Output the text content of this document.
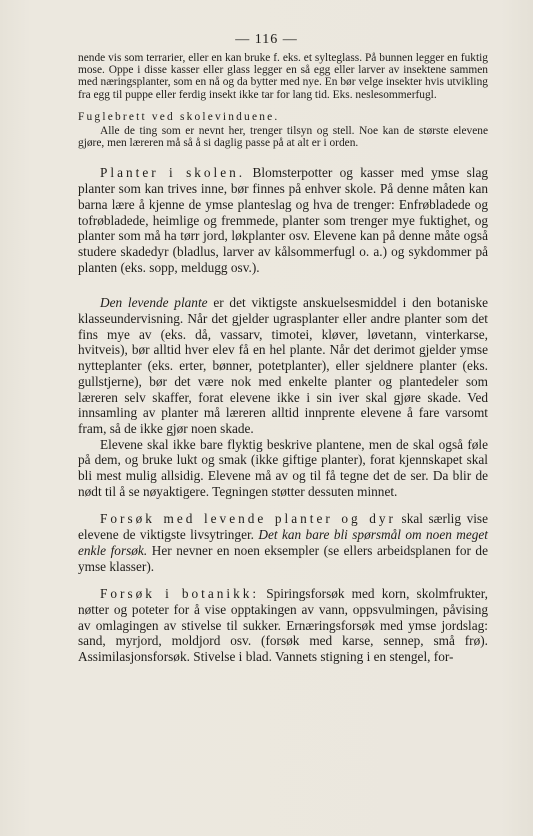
— 116 —

nende vis som terrarier, eller en kan bruke f. eks. et sylteglass. På bunnen legger en fuktig mose. Oppe i disse kasser eller glass legger en så egg eller larver av insektene sammen med næringsplanter, som en nå og da bytter med nye. En bør velge insekter hvis utvikling fra egg til puppe eller ferdig insekt ikke tar for lang tid. Eks. neslesommerfugl.

Fuglebrett ved skolevinduene.

Alle de ting som er nevnt her, trenger tilsyn og stell. Noe kan de største elevene gjøre, men læreren må så å si daglig passe på at alt er i orden.

Planter i skolen. Blomsterpotter og kasser med ymse slag planter som kan trives inne, bør finnes på enhver skole. På denne måten kan barna lære å kjenne de ymse planteslag og hva de trenger: Enfrøbladede og tofrøbladede, heimlige og fremmede, planter som trenger mye fuktighet, og planter som må ha tørr jord, løkplanter osv. Elevene kan på denne måte også studere skadedyr (bladlus, larver av kålsommerfugl o. a.) og sykdommer på planten (eks. sopp, meldugg osv.).

Den levende plante er det viktigste anskuelsesmiddel i den botaniske klasseundervisning. Når det gjelder ugrasplanter eller andre planter som det fins mye av (eks. då, vassarv, timotei, kløver, løvetann, vinterkarse, hvitveis), bør alltid hver elev få en hel plante. Når det derimot gjelder ymse nytteplanter (eks. erter, bønner, potetplanter), eller sjeldnere planter (eks. gullstjerne), bør det være nok med enkelte planter og plantedeler som læreren selv skaffer, forat elevene ikke i sin iver skal gjøre skade. Ved innsamling av planter må læreren alltid innprente elevene å fare varsomt fram, så de ikke gjør noen skade.

Elevene skal ikke bare flyktig beskrive plantene, men de skal også føle på dem, og bruke lukt og smak (ikke giftige planter), forat kjennskapet skal bli mest mulig allsidig. Elevene må av og til få tegne det de ser. Da blir de nødt til å se nøyaktigere. Tegningen støtter dessuten minnet.

Forsøk med levende planter og dyr skal særlig vise elevene de viktigste livsytringer. Det kan bare bli spørsmål om noen meget enkle forsøk. Her nevner en noen eksempler (se ellers arbeidsplanen for de ymse klasser).

Forsøk i botanikk: Spiringsforsøk med korn, skolmfrukter, nøtter og poteter for å vise opptakingen av vann, oppsvulmingen, påvising av omlagingen av stivelse til sukker. Ernæringsforsøk med ymse jordslag: sand, myrjord, moldjord osv. (forsøk med karse, sennep, små frø). Assimilasjonsforsøk. Stivelse i blad. Vannets stigning i en stengel, for-
